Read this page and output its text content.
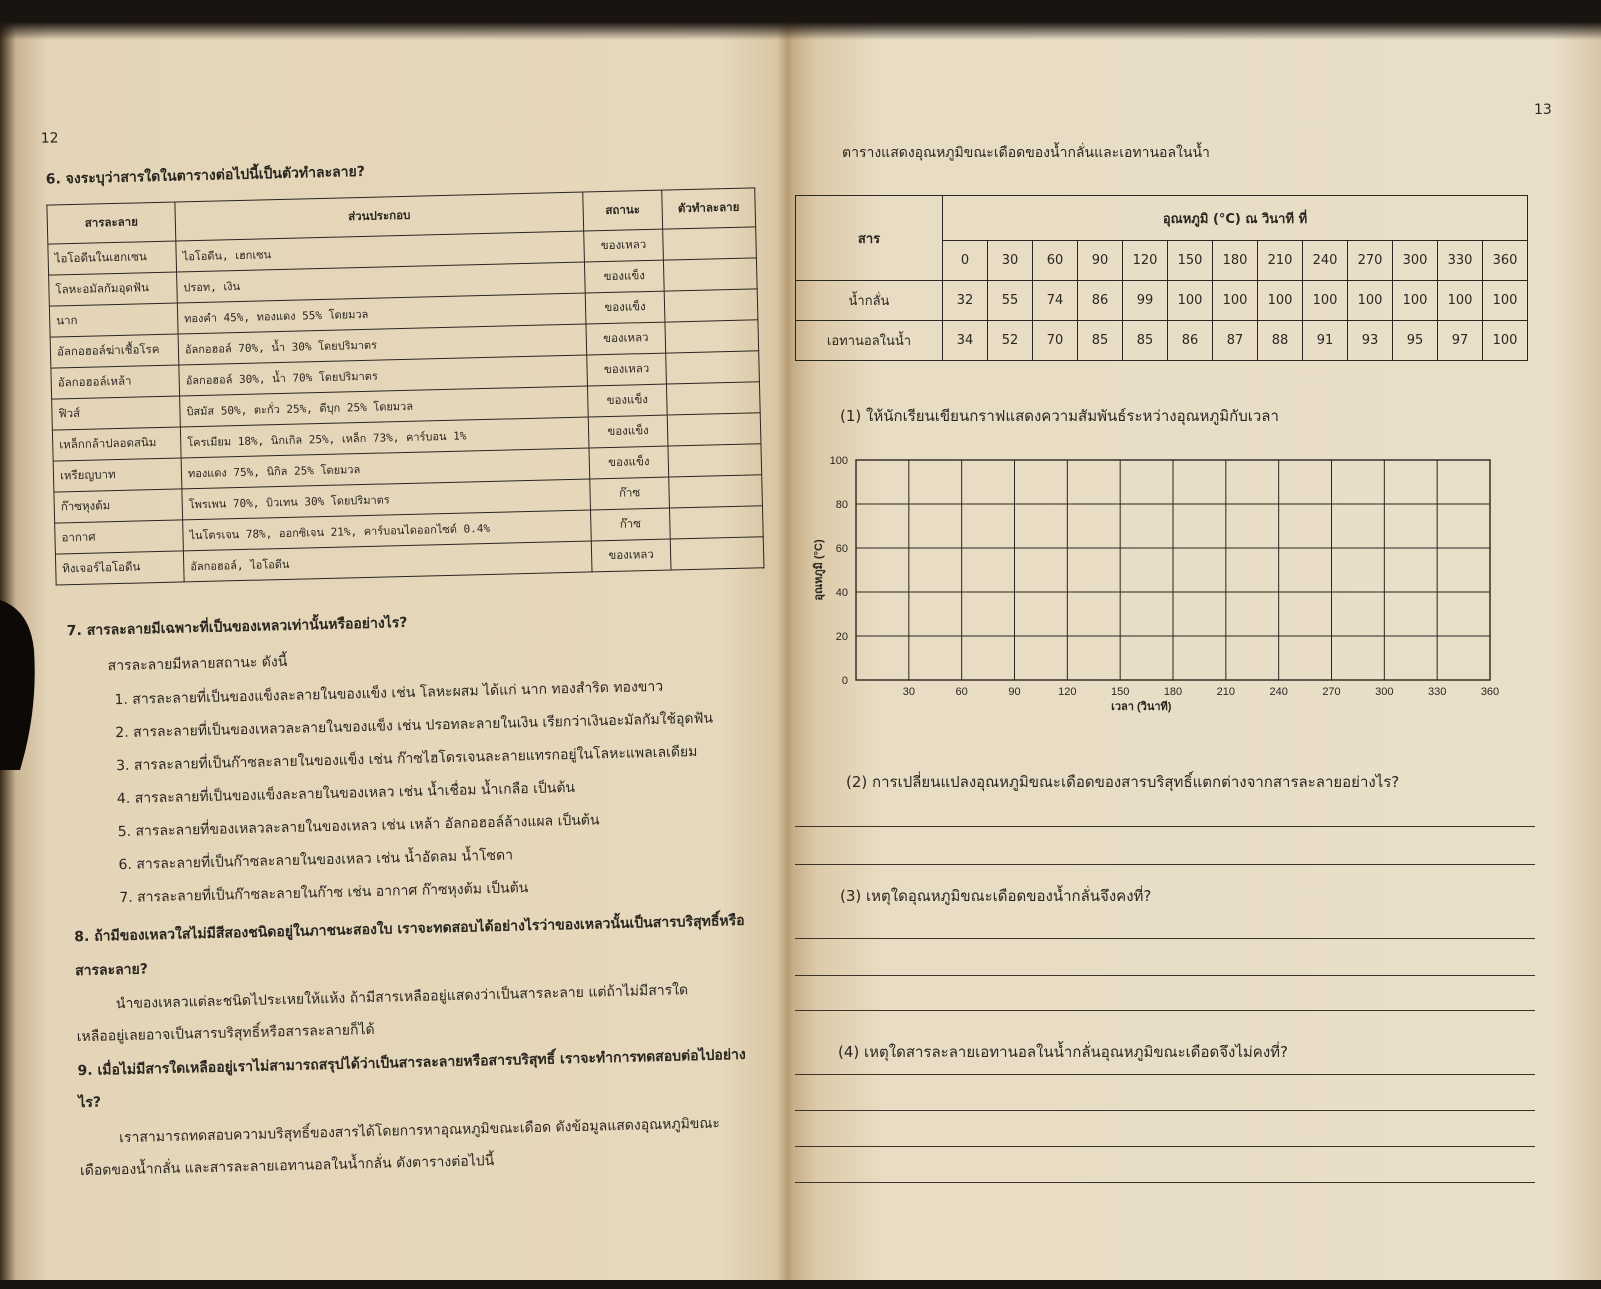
12
6. จงระบุว่าสารใดในตารางต่อไปนี้เป็นตัวทำละลาย?
สารละลาย	ส่วนประกอบ	สถานะ	ตัวทำละลาย
ไอโอดีนในเฮกเซน	ไอโอดีน, เฮกเซน	ของเหลว	
โลหะอมัลกัมอุดฟัน	ปรอท, เงิน	ของแข็ง	
นาก	ทองคำ 45%, ทองแดง 55% โดยมวล	ของแข็ง	
อัลกอฮอล์ฆ่าเชื้อโรค	อัลกอฮอล์ 70%, น้ำ 30% โดยปริมาตร	ของเหลว	
อัลกอฮอล์เหล้า	อัลกอฮอล์ 30%, น้ำ 70% โดยปริมาตร	ของเหลว	
ฟิวส์	บิสมัส 50%, ตะกั่ว 25%, ดีบุก 25% โดยมวล	ของแข็ง	
เหล็กกล้าปลอดสนิม	โครเมียม 18%, นิกเกิล 25%, เหล็ก 73%, คาร์บอน 1%	ของแข็ง	
เหรียญบาท	ทองแดง 75%, นิกิล 25% โดยมวล	ของแข็ง	
ก๊าซหุงต้ม	โพรเพน 70%, บิวเทน 30% โดยปริมาตร	ก๊าซ	
อากาศ	ไนโตรเจน 78%, ออกซิเจน 21%, คาร์บอนไดออกไซด์ 0.4%	ก๊าซ	
ทิงเจอร์ไอโอดีน	อัลกอฮอล์, ไอโอดีน	ของเหลว	
7. สารละลายมีเฉพาะที่เป็นของเหลวเท่านั้นหรืออย่างไร?
สารละลายมีหลายสถานะ ดังนี้
1. สารละลายที่เป็นของแข็งละลายในของแข็ง เช่น โลหะผสม ได้แก่ นาก ทองสำริด ทองขาว
2. สารละลายที่เป็นของเหลวละลายในของแข็ง เช่น ปรอทละลายในเงิน เรียกว่าเงินอะมัลกัมใช้อุดฟัน
3. สารละลายที่เป็นก๊าซละลายในของแข็ง เช่น ก๊าซไฮโดรเจนละลายแทรกอยู่ในโลหะแพลเลเดียม
4. สารละลายที่เป็นของแข็งละลายในของเหลว เช่น น้ำเชื่อม น้ำเกลือ เป็นต้น
5. สารละลายที่ของเหลวละลายในของเหลว เช่น เหล้า อัลกอฮอล์ล้างแผล เป็นต้น
6. สารละลายที่เป็นก๊าซละลายในของเหลว เช่น น้ำอัดลม น้ำโซดา
7. สารละลายที่เป็นก๊าซละลายในก๊าซ เช่น อากาศ ก๊าซหุงต้ม เป็นต้น
8. ถ้ามีของเหลวใสไม่มีสีสองชนิดอยู่ในภาชนะสองใบ เราจะทดสอบได้อย่างไรว่าของเหลวนั้นเป็นสารบริสุทธิ์หรือ
สารละลาย?
นำของเหลวแต่ละชนิดไประเหยให้แห้ง ถ้ามีสารเหลืออยู่แสดงว่าเป็นสารละลาย แต่ถ้าไม่มีสารใด
เหลืออยู่เลยอาจเป็นสารบริสุทธิ์หรือสารละลายก็ได้
9. เมื่อไม่มีสารใดเหลืออยู่เราไม่สามารถสรุปได้ว่าเป็นสารละลายหรือสารบริสุทธิ์ เราจะทำการทดสอบต่อไปอย่าง
ไร?
เราสามารถทดสอบความบริสุทธิ์ของสารได้โดยการหาอุณหภูมิขณะเดือด ดังข้อมูลแสดงอุณหภูมิขณะ
เดือดของน้ำกลั่น และสารละลายเอทานอลในน้ำกลั่น ดังตารางต่อไปนี้
13
ตารางแสดงอุณหภูมิขณะเดือดของน้ำกลั่นและเอทานอลในน้ำ
สาร	อุณหภูมิ (°C) ณ วินาที ที่												
	0	30	60	90	120	150	180	210	240	270	300	330	360
น้ำกลั่น	32	55	74	86	99	100	100	100	100	100	100	100	100
เอทานอลในน้ำ	34	52	70	85	85	86	87	88	91	93	95	97	100
(1) ให้นักเรียนเขียนกราฟแสดงความสัมพันธ์ระหว่างอุณหภูมิกับเวลา
0
20
40
60
80
100
30	60	90	120	150	180	210	240	270	300	330	360
เวลา (วินาที)
อุณหภูมิ (°C)
(2) การเปลี่ยนแปลงอุณหภูมิขณะเดือดของสารบริสุทธิ์แตกต่างจากสารละลายอย่างไร?
(3) เหตุใดอุณหภูมิขณะเดือดของน้ำกลั่นจึงคงที่?
(4) เหตุใดสารละลายเอทานอลในน้ำกลั่นอุณหภูมิขณะเดือดจึงไม่คงที่?
